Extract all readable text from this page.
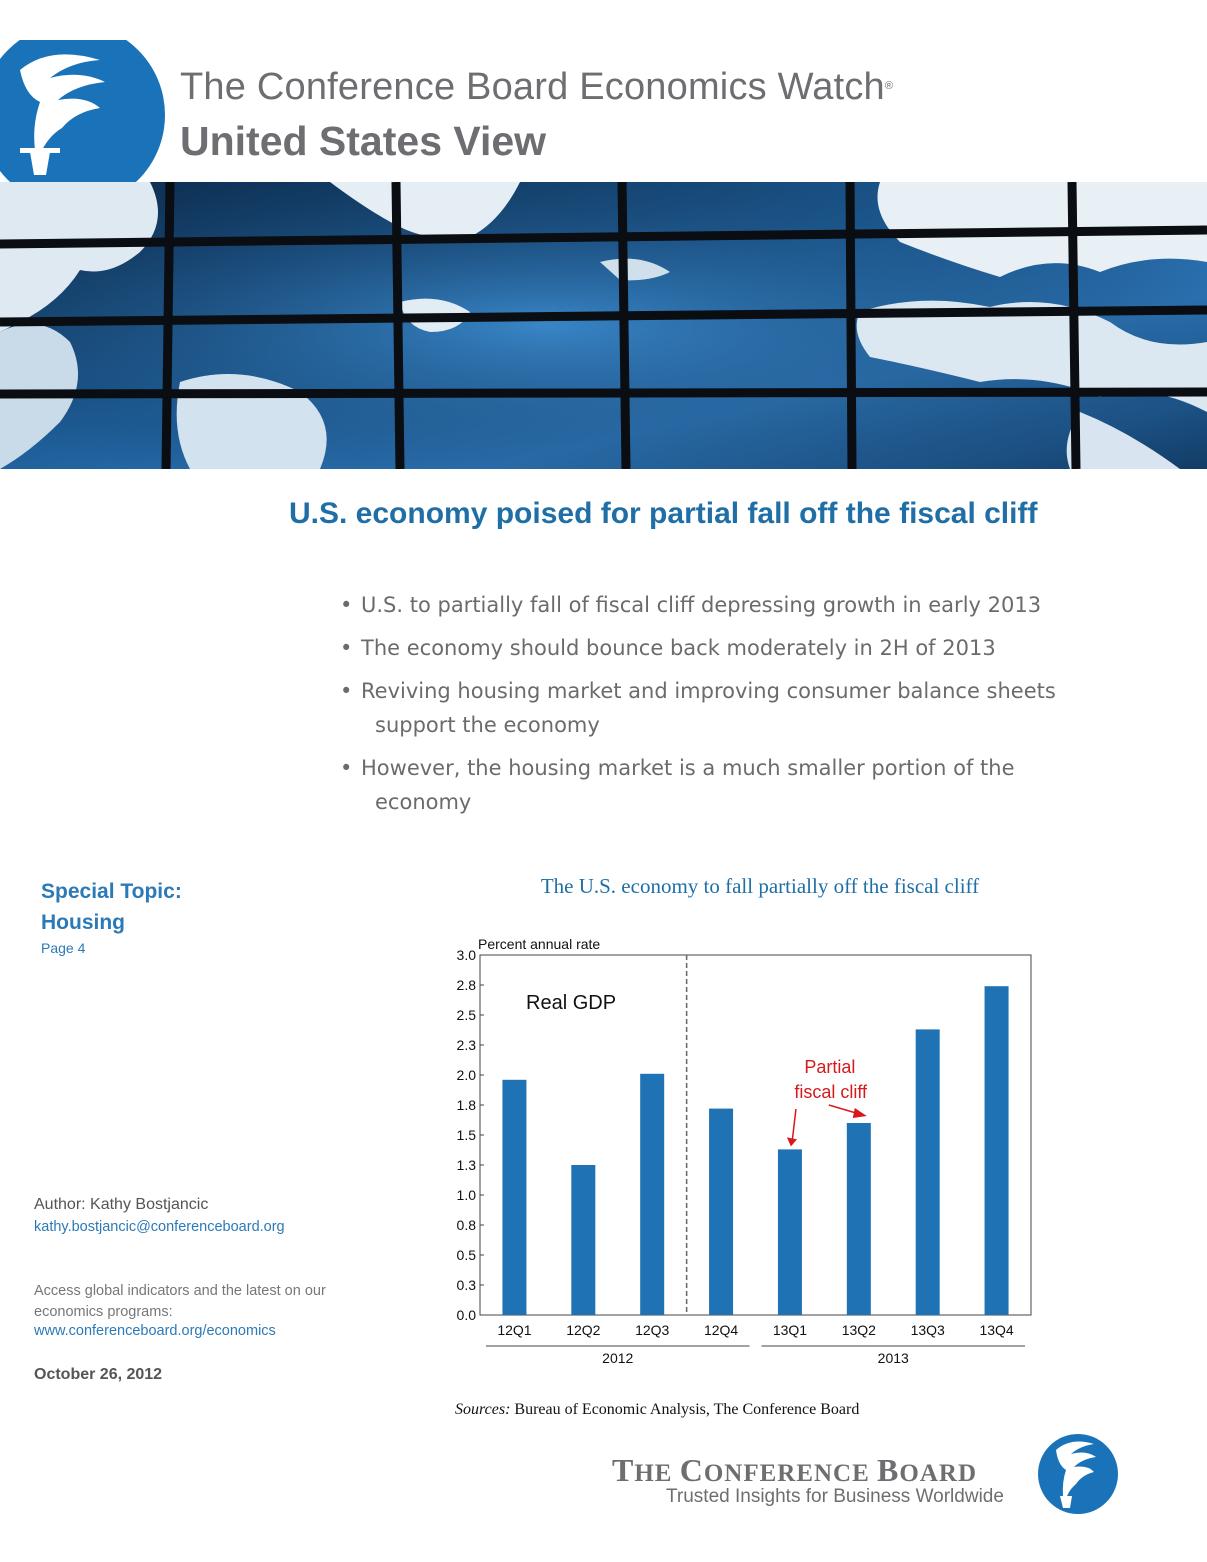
The Conference Board Economics Watch®
United States View
U.S. economy poised for partial fall off the fiscal cliff
• U.S. to partially fall of fiscal cliff depressing growth in early 2013
• The economy should bounce back moderately in 2H of 2013
• Reviving housing market and improving consumer balance sheets
support the economy
• However, the housing market is a much smaller portion of the
economy
Special Topic:
Housing
Page 4
Author: Kathy Bostjancic
kathy.bostjancic@conferenceboard.org
Access global indicators and the latest on our economics programs:
www.conferenceboard.org/economics
October 26, 2012
The U.S. economy to fall partially off the fiscal cliff
0.0
0.3
0.5
0.8
1.0
1.3
1.5
1.8
2.0
2.3
2.5
2.8
3.0
Percent annual rate
12Q1 12Q2 12Q3 12Q4 13Q1 13Q2 13Q3 13Q4
2012	2013
Real GDP
Partial
fiscal cliff
Sources: Bureau of Economic Analysis, The Conference Board
THE CONFERENCE BOARD
Trusted Insights for Business Worldwide
